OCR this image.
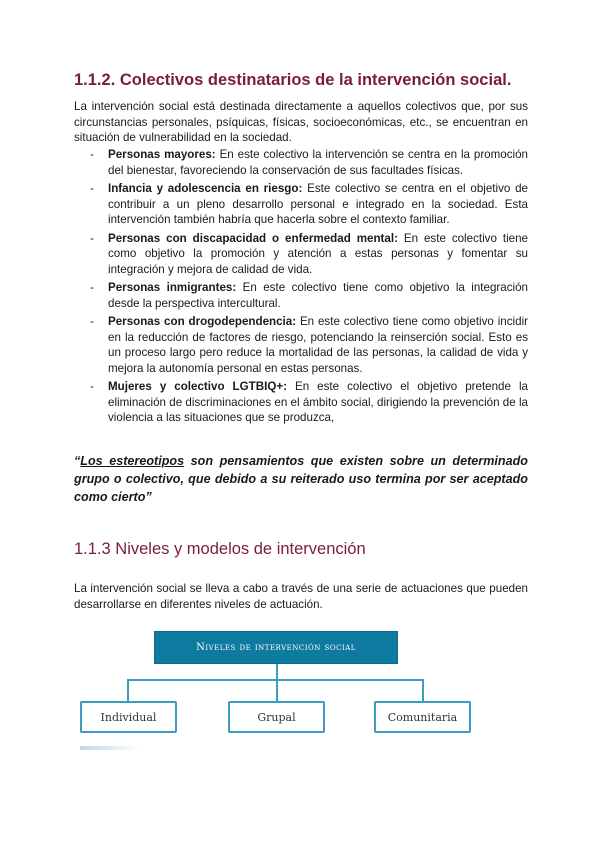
1.1.2. Colectivos destinatarios de la intervención social.

La intervención social está destinada directamente a aquellos colectivos que, por sus circunstancias personales, psíquicas, físicas, socioeconómicas, etc., se encuentran en situación de vulnerabilidad en la sociedad.

- Personas mayores: En este colectivo la intervención se centra en la promoción del bienestar, favoreciendo la conservación de sus facultades físicas.
- Infancia y adolescencia en riesgo: Este colectivo se centra en el objetivo de contribuir a un pleno desarrollo personal e integrado en la sociedad. Esta intervención también habría que hacerla sobre el contexto familiar.
- Personas con discapacidad o enfermedad mental: En este colectivo tiene como objetivo la promoción y atención a estas personas y fomentar su integración y mejora de calidad de vida.
- Personas inmigrantes: En este colectivo tiene como objetivo la integración desde la perspectiva intercultural.
- Personas con drogodependencia: En este colectivo tiene como objetivo incidir en la reducción de factores de riesgo, potenciando la reinserción social. Esto es un proceso largo pero reduce la mortalidad de las personas, la calidad de vida y mejora la autonomía personal en estas personas.
- Mujeres y colectivo LGTBIQ+: En este colectivo el objetivo pretende la eliminación de discriminaciones en el ámbito social, dirigiendo la prevención de la violencia a las situaciones que se produzca,

“Los estereotipos son pensamientos que existen sobre un determinado grupo o colectivo, que debido a su reiterado uso termina por ser aceptado como cierto”

1.1.3 Niveles y modelos de intervención

La intervención social se lleva a cabo a través de una serie de actuaciones que pueden desarrollarse en diferentes niveles de actuación.

Niveles de intervención social
Individual	Grupal	Comunitaria
